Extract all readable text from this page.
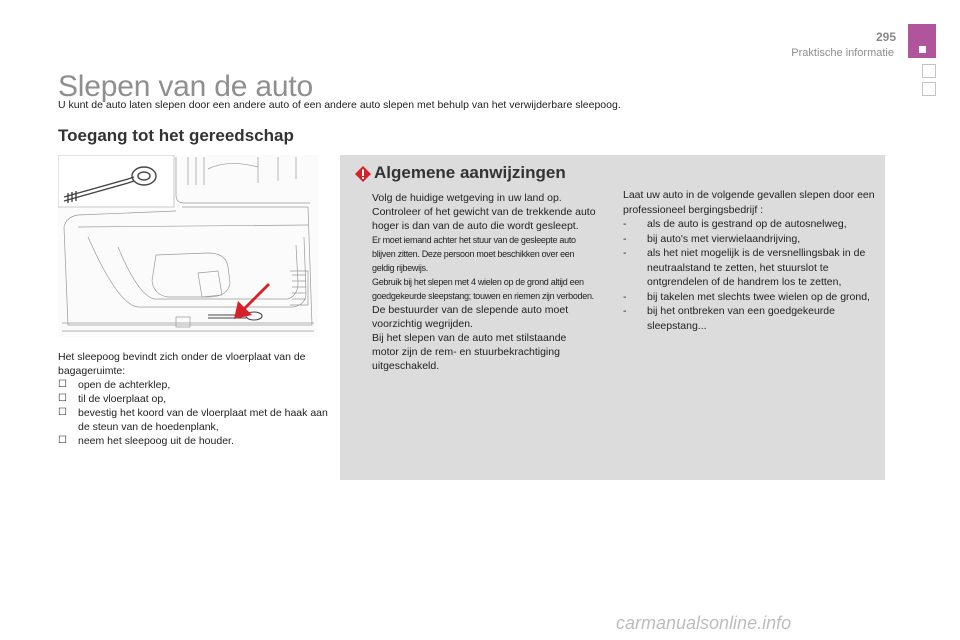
295
Praktische informatie
Slepen van de auto

U kunt de auto laten slepen door een andere auto of een andere auto slepen met behulp van het verwijderbare sleepoog.

Toegang tot het gereedschap
Het sleepoog bevindt zich onder de vloerplaat van de bagageruimte:
☐ open de achterklep,
☐ til de vloerplaat op,
☐ bevestig het koord van de vloerplaat met de haak aan de steun van de hoedenplank,
☐ neem het sleepoog uit de houder.
Algemene aanwijzingen
Volg de huidige wetgeving in uw land op.
Controleer of het gewicht van de trekkende auto hoger is dan van de auto die wordt gesleept.
Er moet iemand achter het stuur van de gesleepte auto blijven zitten. Deze persoon moet beschikken over een geldig rijbewijs.
Gebruik bij het slepen met 4 wielen op de grond altijd een goedgekeurde sleepstang; touwen en riemen zijn verboden.
De bestuurder van de slepende auto moet voorzichtig wegrijden.
Bij het slepen van de auto met stilstaande motor zijn de rem- en stuurbekrachtiging uitgeschakeld.
Laat uw auto in de volgende gevallen slepen door een professioneel bergingsbedrijf :
- als de auto is gestrand op de autosnelweg,
- bij auto's met vierwielaandrijving,
- als het niet mogelijk is de versnellingsbak in de neutraalstand te zetten, het stuurslot te ontgrendelen of de handrem los te zetten,
- bij takelen met slechts twee wielen op de grond,
- bij het ontbreken van een goedgekeurde sleepstang...
carmanualsonline.info
